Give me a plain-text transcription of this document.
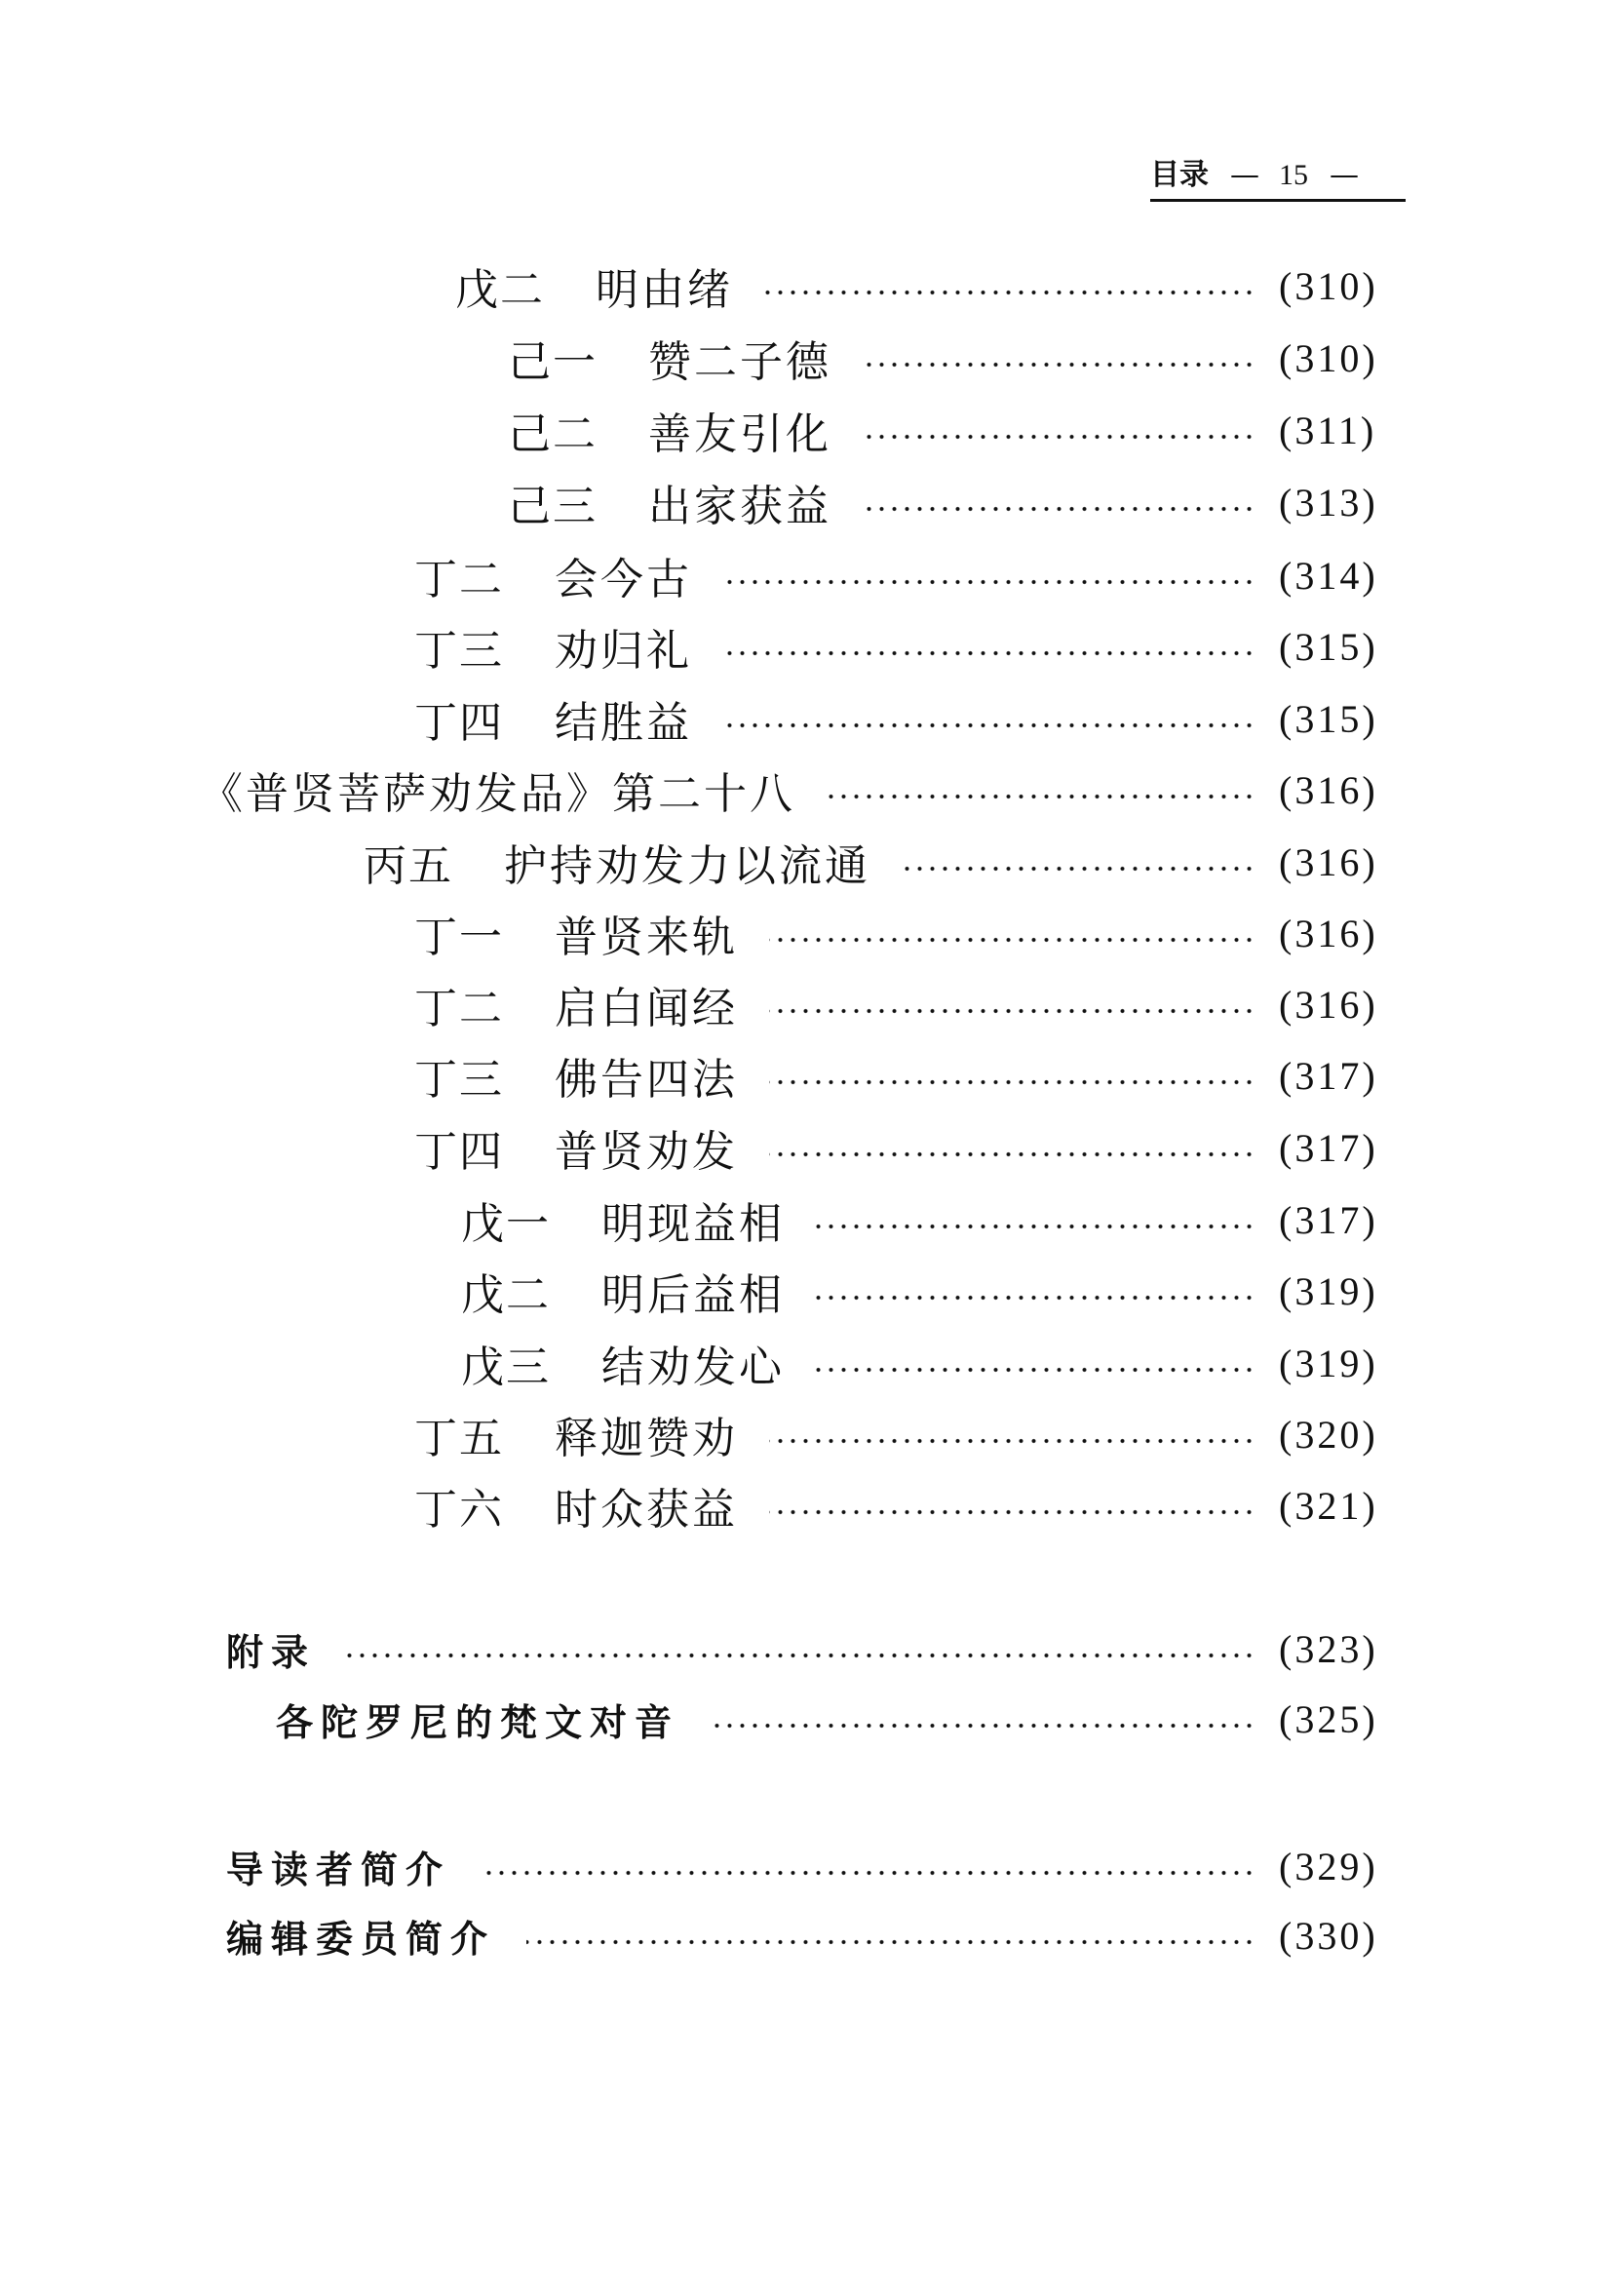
目录 — 15 —
戊二 明由绪	(310)
己一 赞二子德	(310)
己二 善友引化	(311)
己三 出家获益	(313)
丁二 会今古	(314)
丁三 劝归礼	(315)
丁四 结胜益	(315)
《普贤菩萨劝发品》第二十八	(316)
丙五 护持劝发力以流通	(316)
丁一 普贤来轨	(316)
丁二 启白闻经	(316)
丁三 佛告四法	(317)
丁四 普贤劝发	(317)
戊一 明现益相	(317)
戊二 明后益相	(319)
戊三 结劝发心	(319)
丁五 释迦赞劝	(320)
丁六 时众获益	(321)
附录	(323)
各陀罗尼的梵文对音	(325)
导读者简介	(329)
编辑委员简介	(330)
